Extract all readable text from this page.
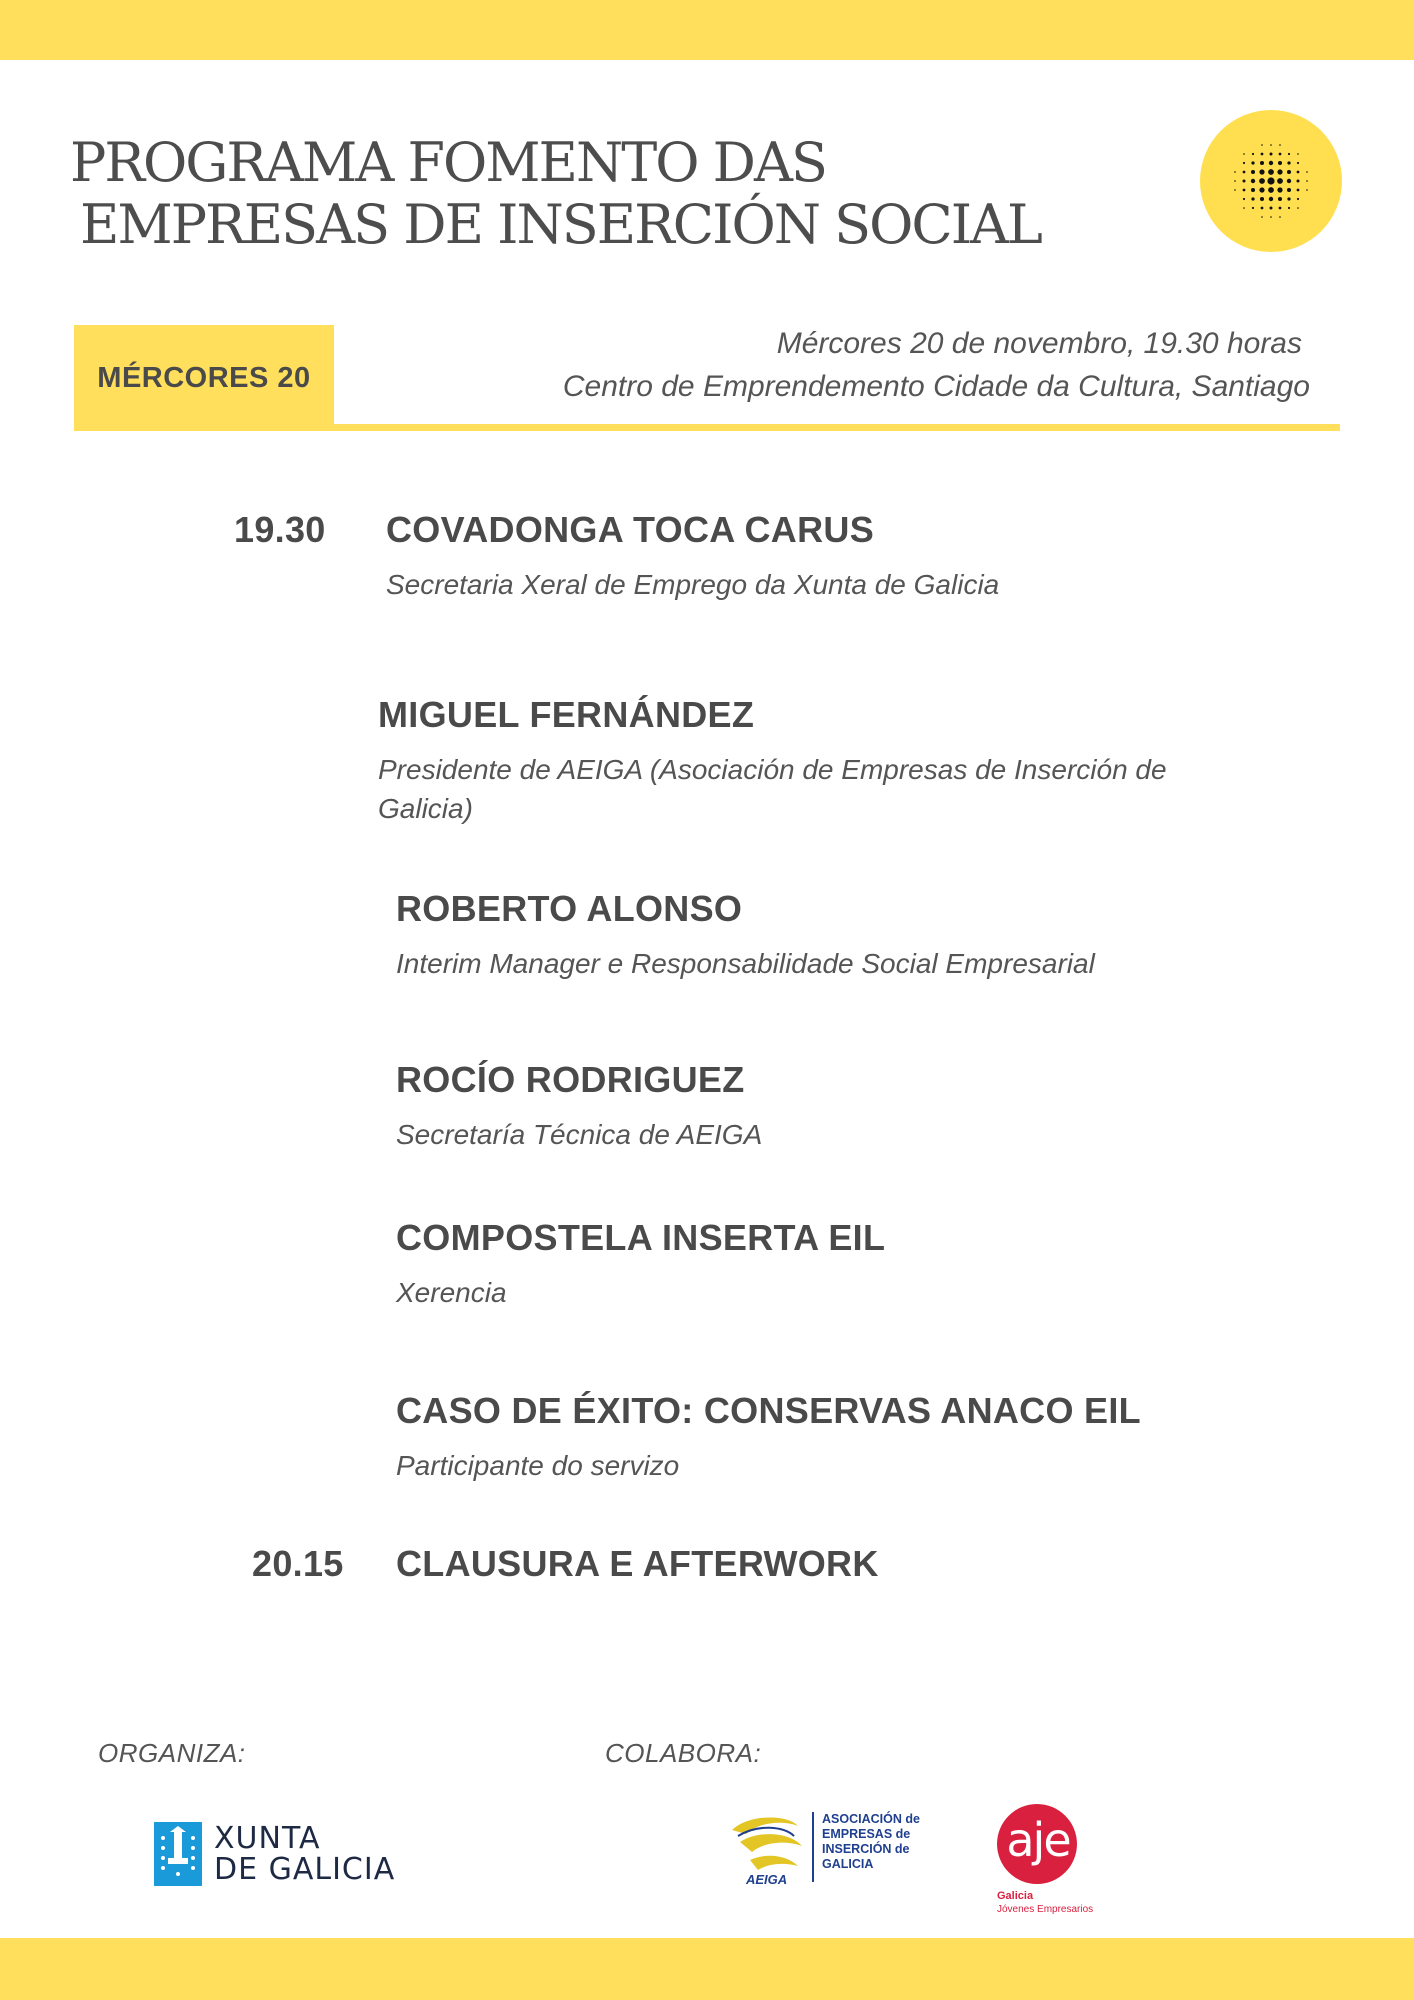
PROGRAMA FOMENTO DAS
EMPRESAS DE INSERCIÓN SOCIAL
MÉRCORES 20
Mércores 20 de novembro, 19.30 horas
Centro de Emprendemento Cidade da Cultura, Santiago
19.30 COVADONGA TOCA CARUS
Secretaria Xeral de Emprego da Xunta de Galicia
MIGUEL FERNÁNDEZ
Presidente de AEIGA (Asociación de Empresas de Inserción de Galicia)
ROBERTO ALONSO
Interim Manager e Responsabilidade Social Empresarial
ROCÍO RODRIGUEZ
Secretaría Técnica de AEIGA
COMPOSTELA INSERTA EIL
Xerencia
CASO DE ÉXITO: CONSERVAS ANACO EIL
Participante do servizo
20.15 CLAUSURA E AFTERWORK
ORGANIZA:	COLABORA:
XUNTA
DE GALICIA	AEIGA
ASOCIACIÓN de
EMPRESAS de
INSERCIÓN de
GALICIA	aje
Galicia
Jóvenes Empresarios
